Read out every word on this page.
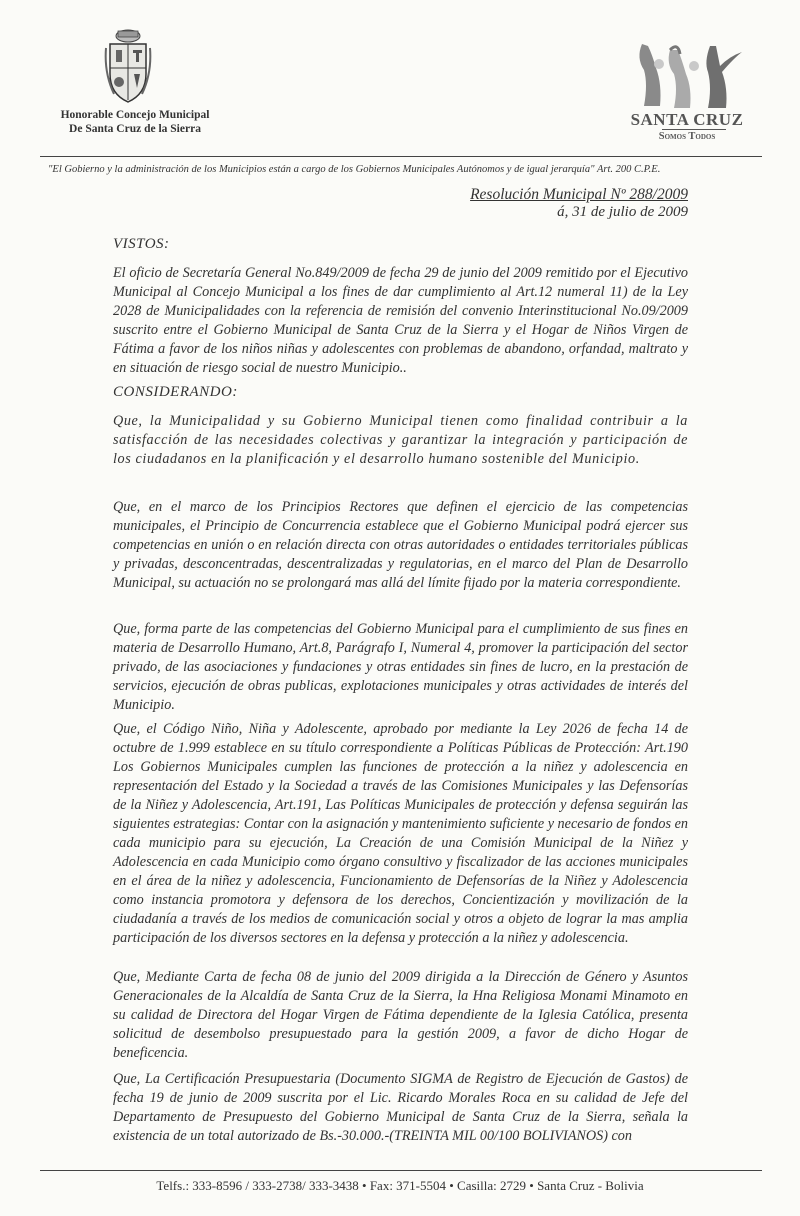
Honorable Concejo Municipal
De Santa Cruz de la Sierra	SANTA CRUZ
Somos Todos
"El Gobierno y la administración de los Municipios están a cargo de los Gobiernos Municipales Autónomos y de igual jerarquía" Art. 200 C.P.E.
Resolución Municipal Nº 288/2009
á, 31 de julio de 2009
VISTOS:
El oficio de Secretaría General No.849/2009 de fecha 29 de junio del 2009 remitido por el Ejecutivo Municipal al Concejo Municipal a los fines de dar cumplimiento al Art.12 numeral 11) de la Ley 2028 de Municipalidades con la referencia de remisión del convenio Interinstitucional No.09/2009 suscrito entre el Gobierno Municipal de Santa Cruz de la Sierra y el Hogar de Niños Virgen de Fátima a favor de los niños niñas y adolescentes con problemas de abandono, orfandad, maltrato y en situación de riesgo social de nuestro Municipio..
CONSIDERANDO:
Que, la Municipalidad y su Gobierno Municipal tienen como finalidad contribuir a la satisfacción de las necesidades colectivas y garantizar la integración y participación de los ciudadanos en la planificación y el desarrollo humano sostenible del Municipio.
Que, en el marco de los Principios Rectores que definen el ejercicio de las competencias municipales, el Principio de Concurrencia establece que el Gobierno Municipal podrá ejercer sus competencias en unión o en relación directa con otras autoridades o entidades territoriales públicas y privadas, desconcentradas, descentralizadas y regulatorias, en el marco del Plan de Desarrollo Municipal, su actuación no se prolongará mas allá del límite fijado por la materia correspondiente.
Que, forma parte de las competencias del Gobierno Municipal para el cumplimiento de sus fines en materia de Desarrollo Humano, Art.8, Parágrafo I, Numeral 4, promover la participación del sector privado, de las asociaciones y fundaciones y otras entidades sin fines de lucro, en la prestación de servicios, ejecución de obras publicas, explotaciones municipales y otras actividades de interés del Municipio.
Que, el Código Niño, Niña y Adolescente, aprobado por mediante la Ley 2026 de fecha 14 de octubre de 1.999 establece en su título correspondiente a Políticas Públicas de Protección: Art.190 Los Gobiernos Municipales cumplen las funciones de protección a la niñez y adolescencia en representación del Estado y la Sociedad a través de las Comisiones Municipales y las Defensorías de la Niñez y Adolescencia, Art.191, Las Políticas Municipales de protección y defensa seguirán las siguientes estrategias: Contar con la asignación y mantenimiento suficiente y necesario de fondos en cada municipio para su ejecución, La Creación de una Comisión Municipal de la Niñez y Adolescencia en cada Municipio como órgano consultivo y fiscalizador de las acciones municipales en el área de la niñez y adolescencia, Funcionamiento de Defensorías de la Niñez y Adolescencia como instancia promotora y defensora de los derechos, Concientización y movilización de la ciudadanía a través de los medios de comunicación social y otros a objeto de lograr la mas amplia participación de los diversos sectores en la defensa y protección a la niñez y adolescencia.
Que, Mediante Carta de fecha 08 de junio del 2009 dirigida a la Dirección de Género y Asuntos Generacionales de la Alcaldía de Santa Cruz de la Sierra, la Hna Religiosa Monami Minamoto en su calidad de Directora del Hogar Virgen de Fátima dependiente de la Iglesia Católica, presenta solicitud de desembolso presupuestado para la gestión 2009, a favor de dicho Hogar de beneficencia.
Que, La Certificación Presupuestaria (Documento SIGMA de Registro de Ejecución de Gastos) de fecha 19 de junio de 2009 suscrita por el Lic. Ricardo Morales Roca en su calidad de Jefe del Departamento de Presupuesto del Gobierno Municipal de Santa Cruz de la Sierra, señala la existencia de un total autorizado de Bs.-30.000.-(TREINTA MIL 00/100 BOLIVIANOS) con
Telfs.: 333-8596 / 333-2738/ 333-3438 • Fax: 371-5504 • Casilla: 2729 • Santa Cruz - Bolivia
